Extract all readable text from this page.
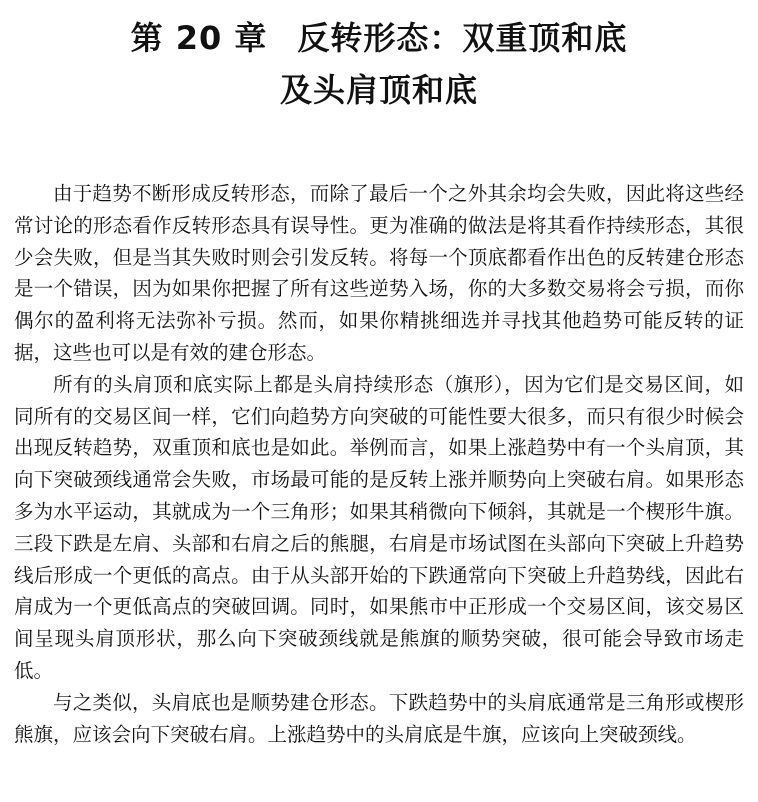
第 20 章 反转形态：双重顶和底
及头肩顶和底

由于趋势不断形成反转形态，而除了最后一个之外其余均会失败，因此将这些经常讨论的形态看作反转形态具有误导性。更为准确的做法是将其看作持续形态，其很少会失败，但是当其失败时则会引发反转。将每一个顶底都看作出色的反转建仓形态是一个错误，因为如果你把握了所有这些逆势入场，你的大多数交易将会亏损，而你偶尔的盈利将无法弥补亏损。然而，如果你精挑细选并寻找其他趋势可能反转的证据，这些也可以是有效的建仓形态。

所有的头肩顶和底实际上都是头肩持续形态（旗形），因为它们是交易区间，如同所有的交易区间一样，它们向趋势方向突破的可能性要大很多，而只有很少时候会出现反转趋势，双重顶和底也是如此。举例而言，如果上涨趋势中有一个头肩顶，其向下突破颈线通常会失败，市场最可能的是反转上涨并顺势向上突破右肩。如果形态多为水平运动，其就成为一个三角形；如果其稍微向下倾斜，其就是一个楔形牛旗。三段下跌是左肩、头部和右肩之后的熊腿，右肩是市场试图在头部向下突破上升趋势线后形成一个更低的高点。由于从头部开始的下跌通常向下突破上升趋势线，因此右肩成为一个更低高点的突破回调。同时，如果熊市中正形成一个交易区间，该交易区间呈现头肩顶形状，那么向下突破颈线就是熊旗的顺势突破，很可能会导致市场走低。

与之类似，头肩底也是顺势建仓形态。下跌趋势中的头肩底通常是三角形或楔形熊旗，应该会向下突破右肩。上涨趋势中的头肩底是牛旗，应该向上突破颈线。
